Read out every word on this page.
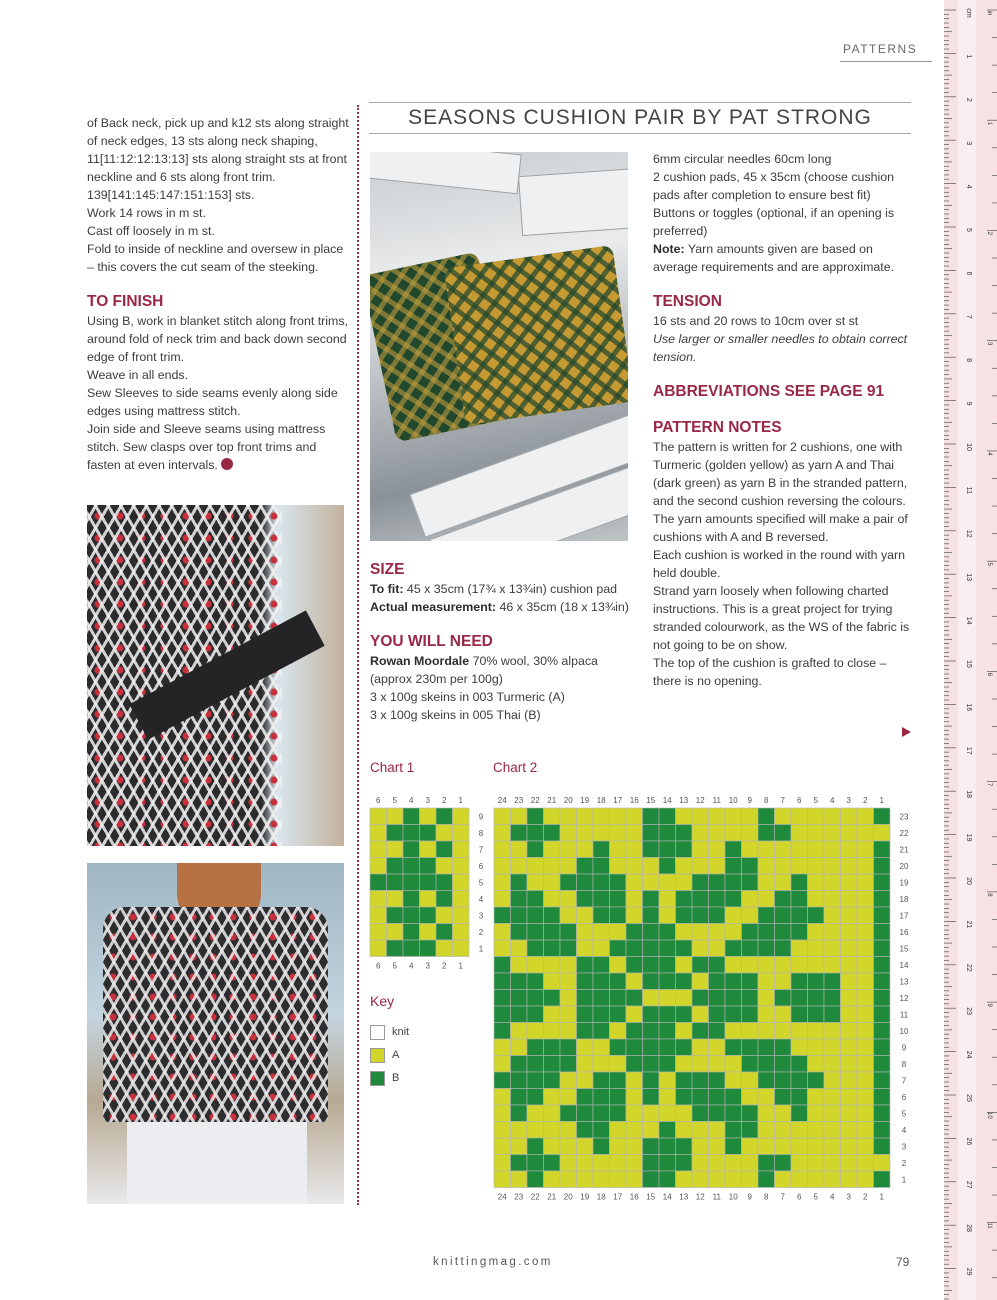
PATTERNS
SEASONS CUSHION PAIR BY PAT STRONG

of Back neck, pick up and k12 sts along straight of neck edges, 13 sts along neck shaping, 11[11:12:12:13:13] sts along straight sts at front neckline and 6 sts along front trim. 139[141:145:147:151:153] sts.

Work 14 rows in m st.

Cast off loosely in m st.

Fold to inside of neckline and oversew in place – this covers the cut seam of the steeking.

TO FINISH

Using B, work in blanket stitch along front trims, around fold of neck trim and back down second edge of front trim.

Weave in all ends.

Sew Sleeves to side seams evenly along side edges using mattress stitch.

Join side and Sleeve seams using mattress stitch. Sew clasps over top front trims and fasten at even intervals.

SIZE

To fit: 45 x 35cm (17¾ x 13¾in) cushion pad

Actual measurement: 46 x 35cm (18 x 13¾in)

YOU WILL NEED

Rowan Moordale 70% wool, 30% alpaca (approx 230m per 100g)

3 x 100g skeins in 003 Turmeric (A)

3 x 100g skeins in 005 Thai (B)

6mm circular needles 60cm long

2 cushion pads, 45 x 35cm (choose cushion pads after completion to ensure best fit)

Buttons or toggles (optional, if an opening is preferred)

Note: Yarn amounts given are based on average requirements and are approximate.

TENSION

16 sts and 20 rows to 10cm over st st

Use larger or smaller needles to obtain correct tension.

ABBREVIATIONS SEE PAGE 91
PATTERN NOTES

The pattern is written for 2 cushions, one with Turmeric (golden yellow) as yarn A and Thai (dark green) as yarn B in the stranded pattern, and the second cushion reversing the colours. The yarn amounts specified will make a pair of cushions with A and B reversed.

Each cushion is worked in the round with yarn held double.

Strand yarn loosely when following charted instructions. This is a great project for trying stranded colourwork, as the WS of the fabric is not going to be on show.

The top of the cushion is grafted to close – there is no opening.

Chart 1	Chart 2
6
6
5
5
4
4
3
3
2
2
1
1
9
8
7
6
5
4
3
2
1
24
24
23
23
22
22
21
21
20
20
19
19
18
18
17
17
16
16
15
15
14
14
13
13
12
12
11
11
10
10
9
9
8
8
7
7
6
6
5
5
4
4
3
3
2
2
1
1
23
22
21
20
19
18
17
16
15
14
13
12
11
10
9
8
7
6
5
4
3
2
1
Key
knit
A
B
knittingmag.com	79
cm
1
2
3
4
5
6
7
8
9
10
11
12
13
14
15
16
17
18
19
20
21
22
23
24
25
26
27
28
29
in
1
2
3
4
5
6
7
8
9
10
11
